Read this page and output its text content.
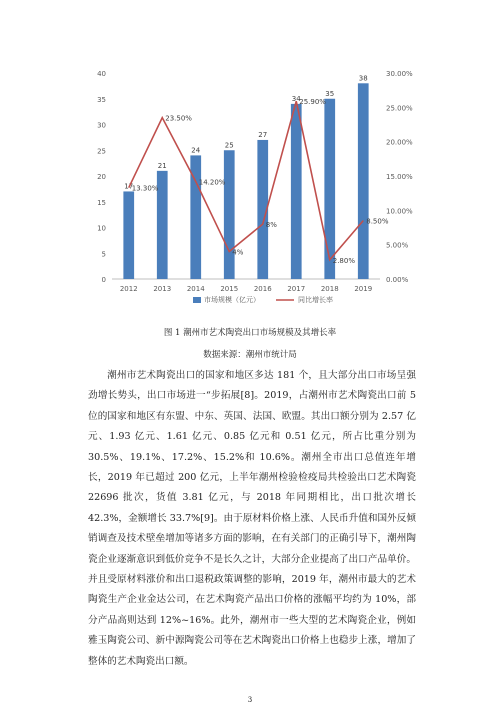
0
5
10
15
20
25
30
35
40
0.00%
5.00%
10.00%
15.00%
20.00%
25.00%
30.00%
17
2012
21
2013
24
2014
25
2015
27
2016
34
2017
35
2018
38
2019
13.30%
23.50%
14.20%
4%
8%
25.90%
2.80%
8.50%
市场规模（亿元）	同比增长率
图 1 潮州市艺术陶瓷出口市场规模及其增长率
数据来源：潮州市统计局

潮州市艺术陶瓷出口的国家和地区多达 181 个，且大部分出口市场呈强劲增长势头，出口市场进一“步拓展[8]。2019，占潮州市艺术陶瓷出口前 5 位的国家和地区有东盟、中东、英国、法国、欧盟。其出口额分别为 2.57 亿元、1.93 亿元、1.61 亿元、0.85 亿元和 0.51 亿元，所占比重分别为 30.5%、19.1%、17.2%、15.2%和 10.6%。潮州全市出口总值连年增长，2019 年已超过 200 亿元，上半年潮州检验检疫局共检验出口艺术陶瓷 22696 批次，货值 3.81 亿元，与 2018 年同期相比，出口批次增长 42.3%，金额增长 33.7%[9]。由于原材料价格上涨、人民币升值和国外反倾销调查及技术壁垒增加等诸多方面的影响，在有关部门的正确引导下，潮州陶瓷企业逐渐意识到低价竞争不是长久之计，大部分企业提高了出口产品单价。并且受原材料涨价和出口退税政策调整的影响，2019 年，潮州市最大的艺术陶瓷生产企业金达公司，在艺术陶瓷产品出口价格的涨幅平均约为 10%，部分产品高则达到 12%~16%。此外，潮州市一些大型的艺术陶瓷企业，例如雅玉陶瓷公司、新中源陶瓷公司等在艺术陶瓷出口价格上也稳步上涨，增加了整体的艺术陶瓷出口额。

3
